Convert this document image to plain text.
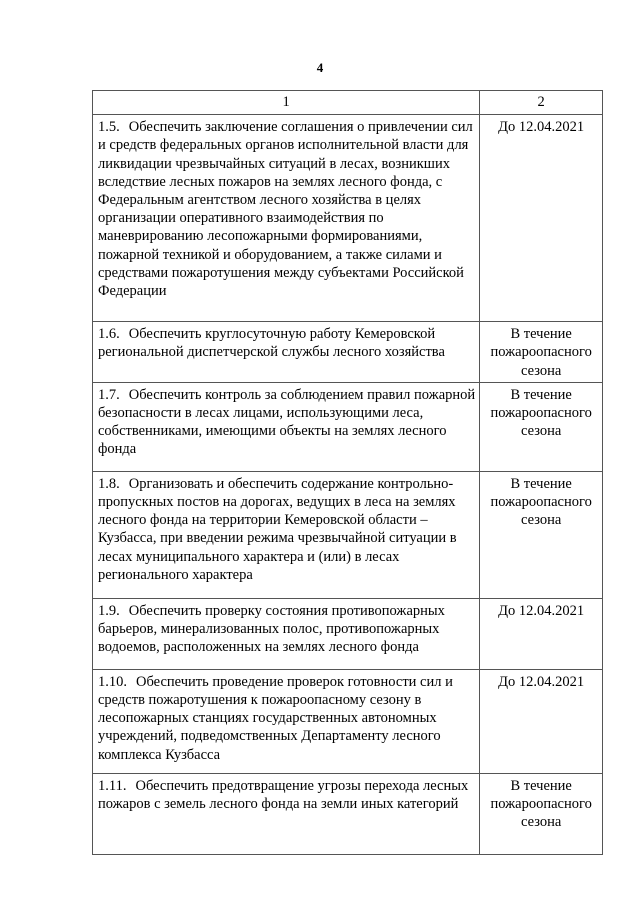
4
1	2
1.5. Обеспечить заключение соглашения о привлечении сил и средств федеральных органов исполнительной власти для ликвидации чрезвычайных ситуаций в лесах, возникших вследствие лесных пожаров на землях лесного фонда, с Федеральным агентством лесного хозяйства в целях организации оперативного взаимодействия по маневрированию лесопожарными формированиями, пожарной техникой и оборудованием, а также силами и средствами пожаротушения между субъектами Российской Федерации	До 12.04.2021
1.6. Обеспечить круглосуточную работу Кемеровской региональной диспетчерской службы лесного хозяйства	В течение пожароопасного сезона
1.7. Обеспечить контроль за соблюдением правил пожарной безопасности в лесах лицами, использующими леса, собственниками, имеющими объекты на землях лесного фонда	В течение пожароопасного сезона
1.8. Организовать и обеспечить содержание контрольно-пропускных постов на дорогах, ведущих в леса на землях лесного фонда на территории Кемеровской области – Кузбасса, при введении режима чрезвычайной ситуации в лесах муниципального характера и (или) в лесах регионального характера	В течение пожароопасного сезона
1.9. Обеспечить проверку состояния противопожарных барьеров, минерализованных полос, противопожарных водоемов, расположенных на землях лесного фонда	До 12.04.2021
1.10. Обеспечить проведение проверок готовности сил и средств пожаротушения к пожароопасному сезону в лесопожарных станциях государственных автономных учреждений, подведомственных Департаменту лесного комплекса Кузбасса	До 12.04.2021
1.11. Обеспечить предотвращение угрозы перехода лесных пожаров с земель лесного фонда на земли иных категорий	В течение пожароопасного сезона
